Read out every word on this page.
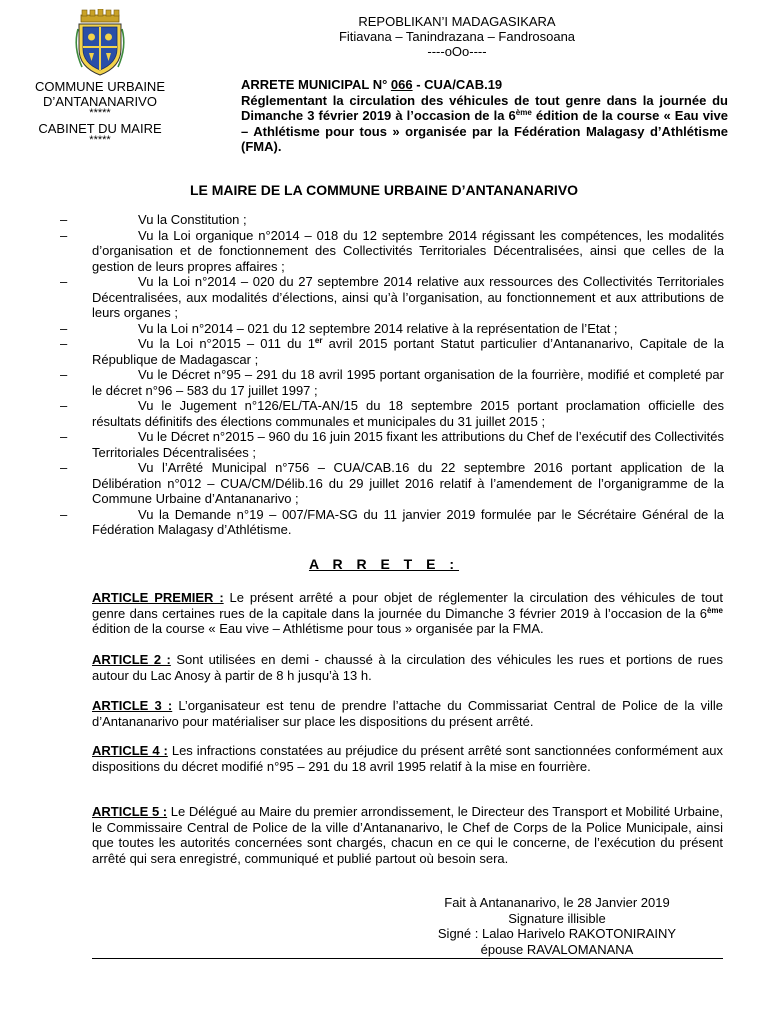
COMMUNE URBAINE
D’ANTANANARIVO
*****
CABINET DU MAIRE
*****
REPOBLIKAN’I MADAGASIKARA
Fitiavana – Tanindrazana – Fandrosoana
----oOo----
ARRETE MUNICIPAL N° 066 - CUA/CAB.19
Réglementant la circulation des véhicules de tout genre dans la journée du Dimanche 3 février 2019 à l’occasion de la 6ème édition de la course « Eau vive – Athlétisme pour tous » organisée par la Fédération Malagasy d’Athlétisme (FMA).
LE MAIRE DE LA COMMUNE URBAINE D’ANTANANARIVO
–	Vu la Constitution ;
–	Vu la Loi organique n°2014 – 018 du 12 septembre 2014 régissant les compétences, les modalités d’organisation et de fonctionnement des Collectivités Territoriales Décentralisées, ainsi que celles de la gestion de leurs propres affaires ;
–	Vu la Loi n°2014 – 020 du 27 septembre 2014 relative aux ressources des Collectivités Territoriales Décentralisées, aux modalités d’élections, ainsi qu’à l’organisation, au fonctionnement et aux attributions de leurs organes ;
–	Vu la Loi n°2014 – 021 du 12 septembre 2014 relative à la représentation de l’Etat ;
–	Vu la Loi n°2015 – 011 du 1er avril 2015 portant Statut particulier d’Antananarivo, Capitale de la République de Madagascar ;
–	Vu le Décret n°95 – 291 du 18 avril 1995 portant organisation de la fourrière, modifié et completé par le décret n°96 – 583 du 17 juillet 1997 ;
–	Vu le Jugement n°126/EL/TA-AN/15 du 18 septembre 2015 portant proclamation officielle des résultats définitifs des élections communales et municipales du 31 juillet 2015 ;
–	Vu le Décret n°2015 – 960 du 16 juin 2015 fixant les attributions du Chef de l’exécutif des Collectivités Territoriales Décentralisées ;
–	Vu l’Arrêté Municipal n°756 – CUA/CAB.16 du 22 septembre 2016 portant application de la Délibération n°012 – CUA/CM/Délib.16 du 29 juillet 2016 relatif à l’amendement de l’organigramme de la Commune Urbaine d’Antananarivo ;
–	Vu la Demande n°19 – 007/FMA-SG du 11 janvier 2019 formulée par le Sécrétaire Général de la Fédération Malagasy d’Athlétisme.
A R R E T E :
ARTICLE PREMIER : Le présent arrêté a pour objet de réglementer la circulation des véhicules de tout genre dans certaines rues de la capitale dans la journée du Dimanche 3 février 2019 à l’occasion de la 6ème édition de la course « Eau vive – Athlétisme pour tous » organisée par la FMA.
ARTICLE 2 : Sont utilisées en demi - chaussé à la circulation des véhicules les rues et portions de rues autour du Lac Anosy à partir de 8 h jusqu’à 13 h.
ARTICLE 3 : L’organisateur est tenu de prendre l’attache du Commissariat Central de Police de la ville d’Antananarivo pour matérialiser sur place les dispositions du présent arrêté.
ARTICLE 4 : Les infractions constatées au préjudice du présent arrêté sont sanctionnées conformément aux dispositions du décret modifié n°95 – 291 du 18 avril 1995 relatif à la mise en fourrière.
ARTICLE 5 : Le Délégué au Maire du premier arrondissement, le Directeur des Transport et Mobilité Urbaine, le Commissaire Central de Police de la ville d’Antananarivo, le Chef de Corps de la Police Municipale, ainsi que toutes les autorités concernées sont chargés, chacun en ce qui le concerne, de l’exécution du présent arrêté qui sera enregistré, communiqué et publié partout où besoin sera.
Fait à Antananarivo, le 28 Janvier 2019
Signature illisible
Signé : Lalao Harivelo RAKOTONIRAINY
épouse RAVALOMANANA
